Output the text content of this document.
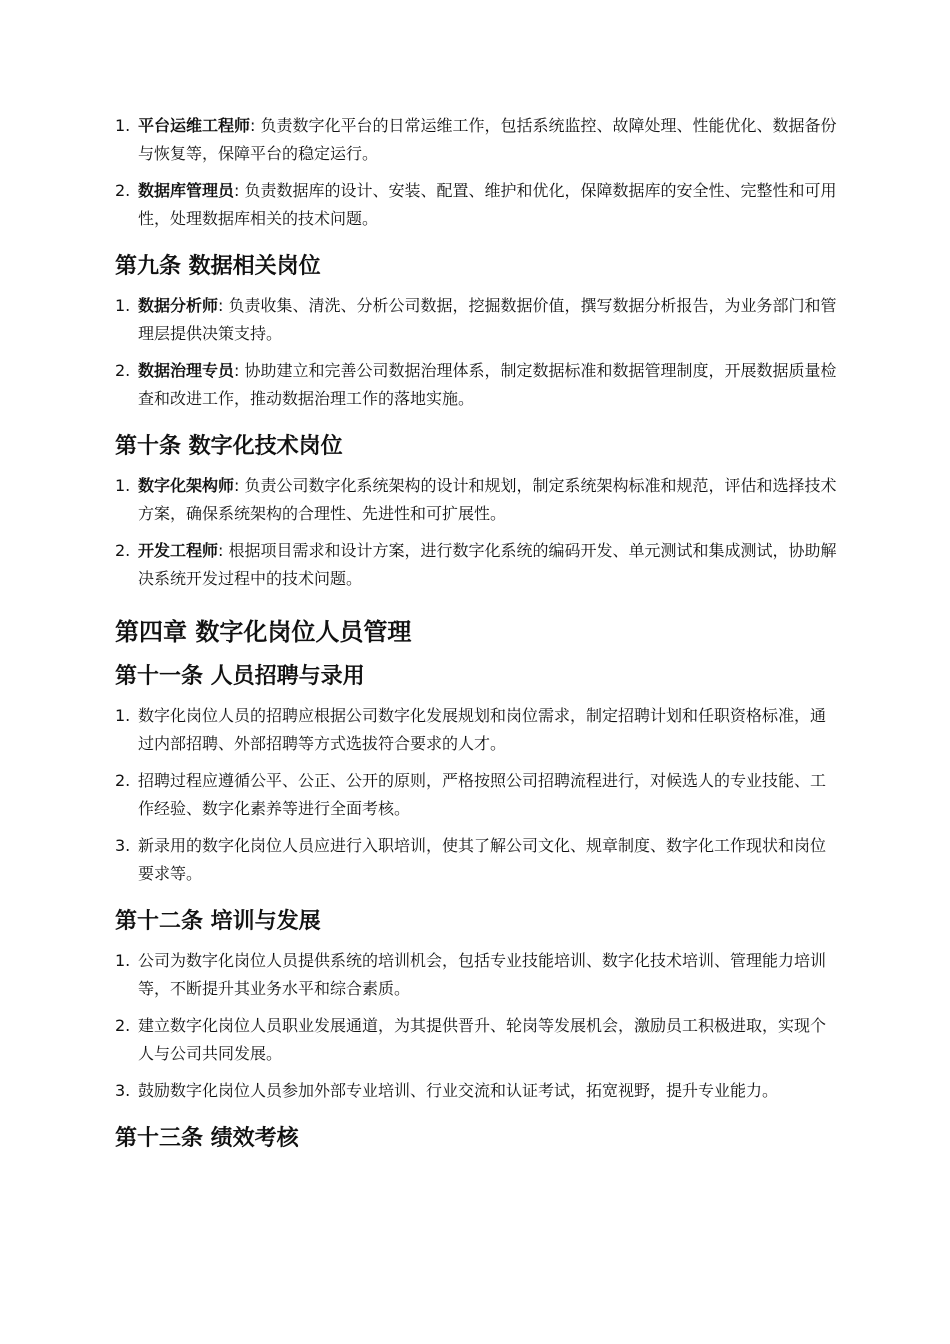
1. 平台运维工程师: 负责数字化平台的日常运维工作，包括系统监控、故障处理、性能优化、数据备份与恢复等，保障平台的稳定运行。
2. 数据库管理员: 负责数据库的设计、安装、配置、维护和优化，保障数据库的安全性、完整性和可用性，处理数据库相关的技术问题。
第九条 数据相关岗位
1. 数据分析师: 负责收集、清洗、分析公司数据，挖掘数据价值，撰写数据分析报告，为业务部门和管理层提供决策支持。
2. 数据治理专员: 协助建立和完善公司数据治理体系，制定数据标准和数据管理制度，开展数据质量检查和改进工作，推动数据治理工作的落地实施。
第十条 数字化技术岗位
1. 数字化架构师: 负责公司数字化系统架构的设计和规划，制定系统架构标准和规范，评估和选择技术方案，确保系统架构的合理性、先进性和可扩展性。
2. 开发工程师: 根据项目需求和设计方案，进行数字化系统的编码开发、单元测试和集成测试，协助解决系统开发过程中的技术问题。
第四章 数字化岗位人员管理
第十一条 人员招聘与录用
1. 数字化岗位人员的招聘应根据公司数字化发展规划和岗位需求，制定招聘计划和任职资格标准，通过内部招聘、外部招聘等方式选拔符合要求的人才。
2. 招聘过程应遵循公平、公正、公开的原则，严格按照公司招聘流程进行，对候选人的专业技能、工作经验、数字化素养等进行全面考核。
3. 新录用的数字化岗位人员应进行入职培训，使其了解公司文化、规章制度、数字化工作现状和岗位要求等。
第十二条 培训与发展
1. 公司为数字化岗位人员提供系统的培训机会，包括专业技能培训、数字化技术培训、管理能力培训等，不断提升其业务水平和综合素质。
2. 建立数字化岗位人员职业发展通道，为其提供晋升、轮岗等发展机会，激励员工积极进取，实现个人与公司共同发展。
3. 鼓励数字化岗位人员参加外部专业培训、行业交流和认证考试，拓宽视野，提升专业能力。
第十三条 绩效考核
